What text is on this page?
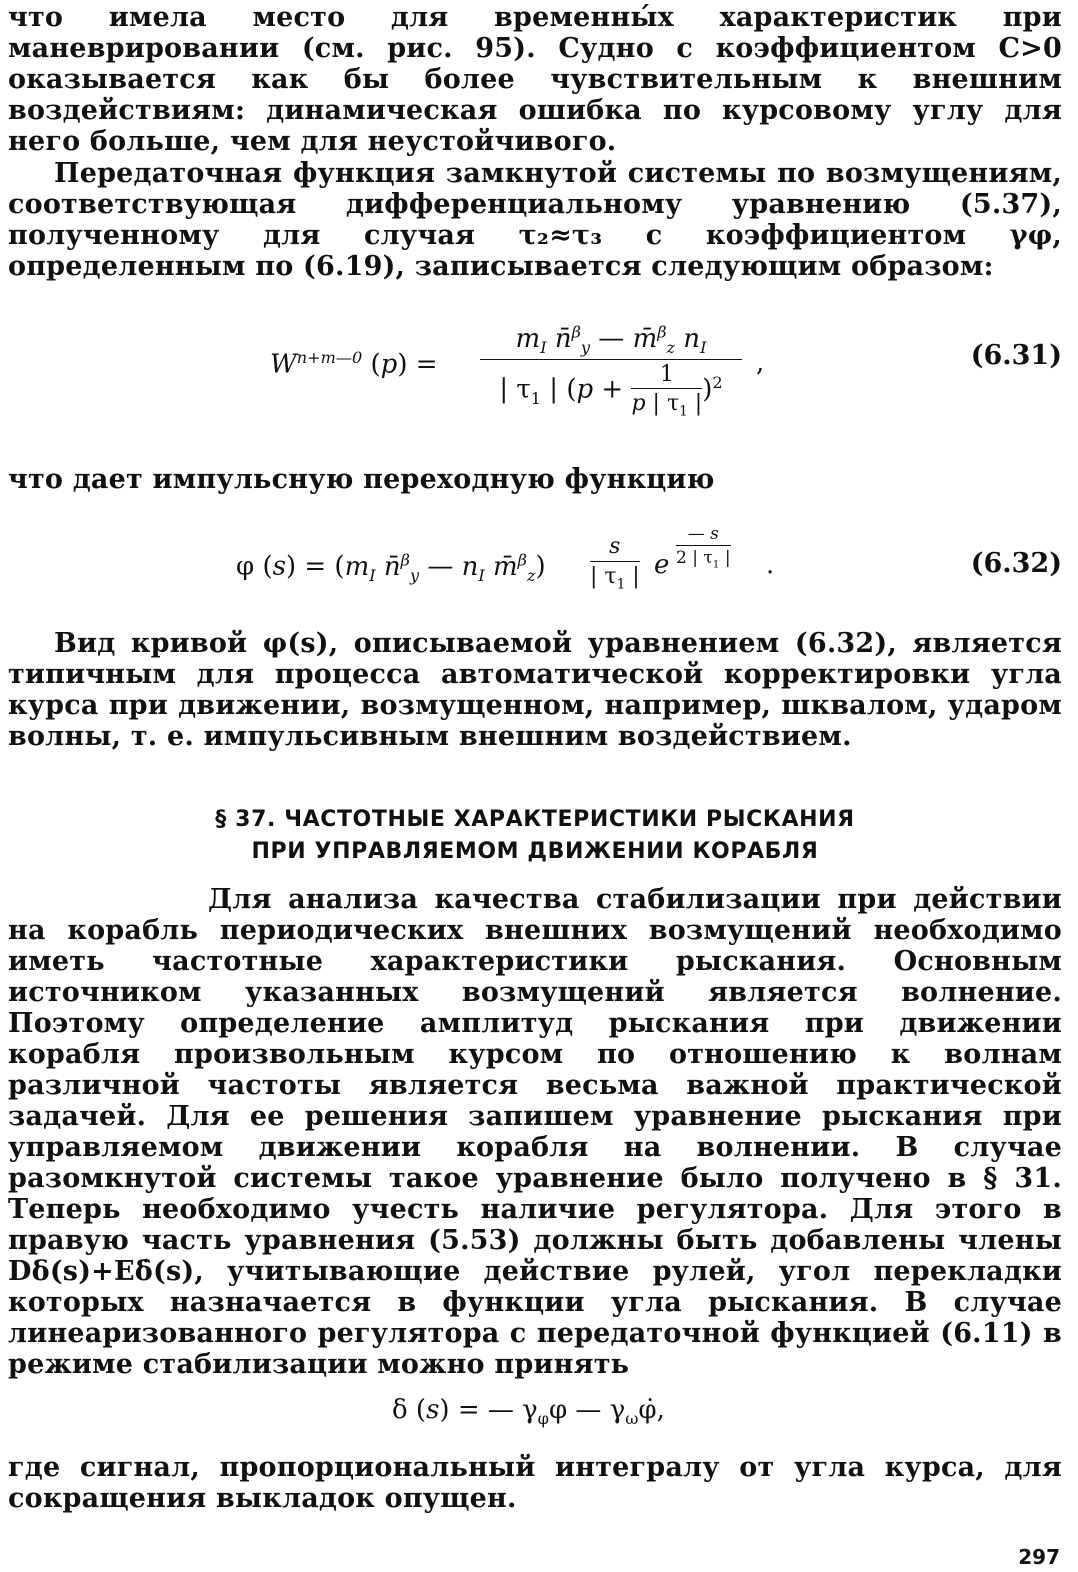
что имела место для временны́х характеристик при маневрировании (см. рис. 95). Судно с коэффициентом C>0 оказывается как бы более чувствительным к внешним воздействиям: динамическая ошибка по курсовому углу для него больше, чем для неустойчивого.

Передаточная функция замкнутой системы по возмущениям, соответствующая дифференциальному уравнению (5.37), полученному для случая τ₂≈τ₃ с коэффициентом γφ, определенным по (6.19), записывается следующим образом:

$W^{n+m—0}$ $(p) = \frac{m_I n̄^\beta_y — m̄^\beta_z n_I}{| \tau_1 | (p + \frac{1}{p | \tau_1 |} )^2}$ ,	(6.31)

что дает импульсную переходную функцию

φ $(s) = (m_I$ n̄$^\beta_y$ — $n_I$ m̄$^\beta_z$) $\frac{s}{| \tau_1 |}$ e $\frac{— s}{2 | \tau_1 |}$ .	(6.32)

Вид кривой φ(s), описываемой уравнением (6.32), является типичным для процесса автоматической корректировки угла курса при движении, возмущенном, например, шквалом, ударом волны, т. е. импульсивным внешним воздействием.

§ 37. ЧАСТОТНЫЕ ХАРАКТЕРИСТИКИ РЫСКАНИЯ

ПРИ УПРАВЛЯЕМОМ ДВИЖЕНИИ КОРАБЛЯ

Для анализа качества стабилизации при действии на корабль периодических внешних возмущений необходимо иметь частотные характеристики рыскания. Основным источником указанных возмущений является волнение. Поэтому определение амплитуд рыскания при движении корабля произвольным курсом по отношению к волнам различной частоты является весьма важной практической задачей. Для ее решения запишем уравнение рыскания при управляемом движении корабля на волнении. В случае разомкнутой системы такое уравнение было получено в § 31. Теперь необходимо учесть наличие регулятора. Для этого в правую часть уравнения (5.53) должны быть добавлены члены Dδ(s)+Eδ̇(s), учитывающие действие рулей, угол перекладки которых назначается в функции угла рыскания. В случае линеаризованного регулятора с передаточной функцией (6.11) в режиме стабилизации можно принять

δ (s) = — $\gamma_\varphi\varphi$ — $\gamma_\omega\varphi̇$,

где сигнал, пропорциональный интегралу от угла курса, для сокращения выкладок опущен.

297
